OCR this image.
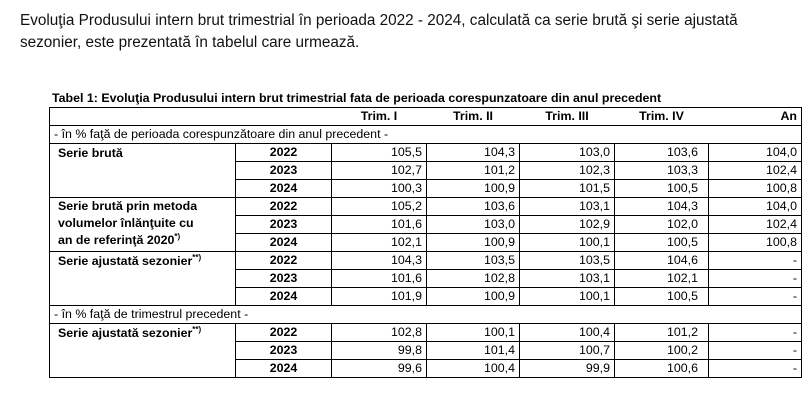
Evoluţia Produsului intern brut trimestrial în perioada 2022 - 2024, calculată ca serie brută şi serie ajustată sezonier, este prezentată în tabelul care urmează.
Tabel 1: Evoluţia Produsului intern brut trimestrial fata de perioada corespunzatoare din anul precedent
		Trim. I	Trim. II	Trim. III	Trim. IV	An
- în % faţă de perioada corespunzătoare din anul precedent -						
Serie brută	2022	105,5	104,3	103,0	103,6	104,0
	2023	102,7	101,2	102,3	103,3	102,4
	2024	100,3	100,9	101,5	100,5	100,8

Serie brută prin metoda
volumelor înlănţuite cu
an de referinţă 2020*)	2022	105,2	103,6	103,1	104,3	104,0
	2023	101,6	103,0	102,9	102,0	102,4
	2024	102,1	100,9	100,1	100,5	100,8
Serie ajustată sezonier**)	2022	104,3	103,5	103,5	104,6	-
	2023	101,6	102,8	103,1	102,1	-
	2024	101,9	100,9	100,1	100,5	-
- în % faţă de trimestrul precedent -						
Serie ajustată sezonier**)	2022	102,8	100,1	100,4	101,2	-
	2023	99,8	101,4	100,7	100,2	-
	2024	99,6	100,4	99,9	100,6	-
